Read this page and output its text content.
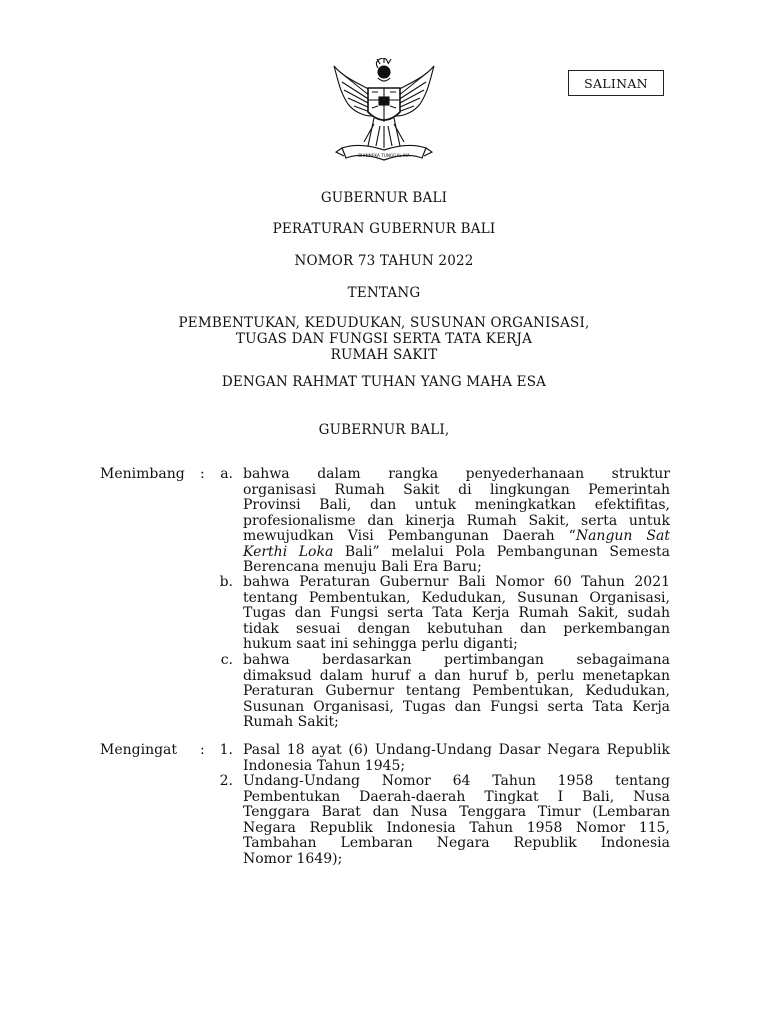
SALINAN
BHINNEKA TUNGGAL IKA
GUBERNUR BALI
PERATURAN GUBERNUR BALI
NOMOR 73 TAHUN 2022
TENTANG
PEMBENTUKAN, KEDUDUKAN, SUSUNAN ORGANISASI,
TUGAS DAN FUNGSI SERTA TATA KERJA
RUMAH SAKIT
DENGAN RAHMAT TUHAN YANG MAHA ESA
GUBERNUR BALI,
Menimbang :	a. bahwa dalam rangka penyederhanaan struktur
organisasi Rumah Sakit di lingkungan Pemerintah
Provinsi Bali, dan untuk meningkatkan efektifitas,
profesionalisme dan kinerja Rumah Sakit, serta untuk
mewujudkan Visi Pembangunan Daerah “Nangun Sat
Kerthi Loka Bali” melalui Pola Pembangunan Semesta
Berencana menuju Bali Era Baru;
b. bahwa Peraturan Gubernur Bali Nomor 60 Tahun 2021
tentang Pembentukan, Kedudukan, Susunan Organisasi,
Tugas dan Fungsi serta Tata Kerja Rumah Sakit, sudah
tidak sesuai dengan kebutuhan dan perkembangan
hukum saat ini sehingga perlu diganti;
c. bahwa berdasarkan pertimbangan sebagaimana
dimaksud dalam huruf a dan huruf b, perlu menetapkan
Peraturan Gubernur tentang Pembentukan, Kedudukan,
Susunan Organisasi, Tugas dan Fungsi serta Tata Kerja
Rumah Sakit;
Mengingat :	1. Pasal 18 ayat (6) Undang-Undang Dasar Negara Republik
Indonesia Tahun 1945;
2. Undang-Undang Nomor 64 Tahun 1958 tentang
Pembentukan Daerah-daerah Tingkat I Bali, Nusa
Tenggara Barat dan Nusa Tenggara Timur (Lembaran
Negara Republik Indonesia Tahun 1958 Nomor 115,
Tambahan Lembaran Negara Republik Indonesia
Nomor 1649);
